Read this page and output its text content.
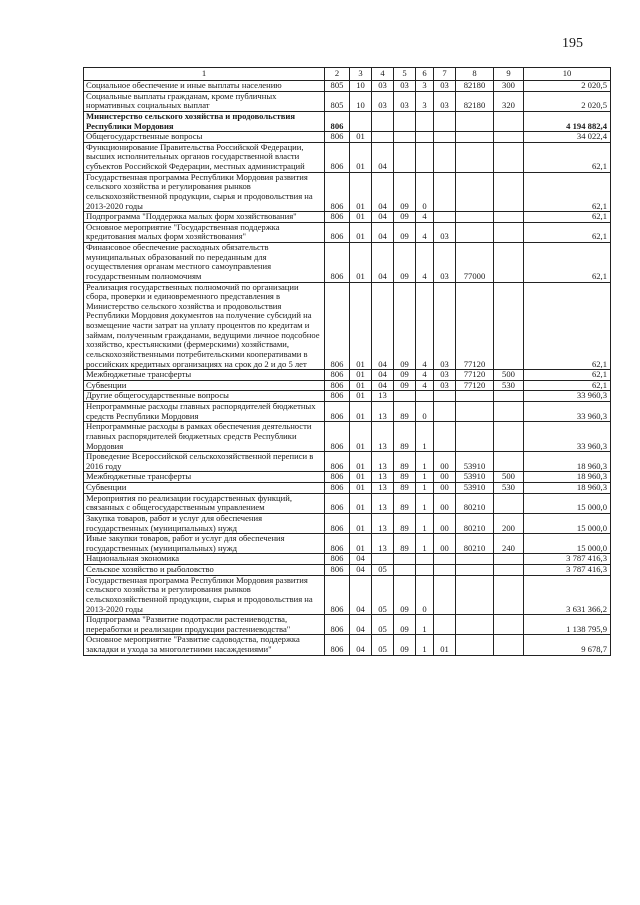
195
1	2	3	4	5	6	7	8	9	10
Социальное обеспечение и иные выплаты населению	805	10	03	03	3	03	82180	300	2 020,5
Социальные выплаты гражданам, кроме публичных нормативных социальных выплат	805	10	03	03	3	03	82180	320	2 020,5
Министерство сельского хозяйства и продовольствия Республики Мордовия	806								4 194 882,4
Общегосударственные вопросы	806	01							34 022,4
Функционирование Правительства Российской Федерации, высших исполнительных органов государственной власти субъектов Российской Федерации, местных администраций	806	01	04						62,1
Государственная программа Республики Мордовия развития сельского хозяйства и регулирования рынков сельскохозяйственной продукции, сырья и продовольствия на 2013-2020 годы	806	01	04	09	0				62,1
Подпрограмма "Поддержка малых форм хозяйствования"	806	01	04	09	4				62,1
Основное мероприятие "Государственная поддержка кредитования малых форм хозяйствования"	806	01	04	09	4	03			62,1
Финансовое обеспечение расходных обязательств муниципальных образований по переданным для осуществления органам местного самоуправления государственным полномочиям	806	01	04	09	4	03	77000		62,1
Реализация государственных полномочий по организации сбора, проверки и единовременного представления в Министерство сельского хозяйства и продовольствия Республики Мордовия документов на получение субсидий на возмещение части затрат на уплату процентов по кредитам и займам, полученным гражданами, ведущими личное подсобное хозяйство, крестьянскими (фермерскими) хозяйствами, сельскохозяйственными потребительскими кооперативами в российских кредитных организациях на срок до 2 и до 5 лет	806	01	04	09	4	03	77120		62,1
Межбюджетные трансферты	806	01	04	09	4	03	77120	500	62,1
Субвенции	806	01	04	09	4	03	77120	530	62,1
Другие общегосударственные вопросы	806	01	13						33 960,3
Непрограммные расходы главных распорядителей бюджетных средств Республики Мордовия	806	01	13	89	0				33 960,3
Непрограммные расходы в рамках обеспечения деятельности главных распорядителей бюджетных средств Республики Мордовия	806	01	13	89	1				33 960,3
Проведение Всероссийской сельскохозяйственной переписи в 2016 году	806	01	13	89	1	00	53910		18 960,3
Межбюджетные трансферты	806	01	13	89	1	00	53910	500	18 960,3
Субвенции	806	01	13	89	1	00	53910	530	18 960,3
Мероприятия по реализации государственных функций, связанных с общегосударственным управлением	806	01	13	89	1	00	80210		15 000,0
Закупка товаров, работ и услуг для обеспечения государственных (муниципальных) нужд	806	01	13	89	1	00	80210	200	15 000,0
Иные закупки товаров, работ и услуг для обеспечения государственных (муниципальных) нужд	806	01	13	89	1	00	80210	240	15 000,0
Национальная экономика	806	04							3 787 416,3
Сельское хозяйство и рыболовство	806	04	05						3 787 416,3
Государственная программа Республики Мордовия развития сельского хозяйства и регулирования рынков сельскохозяйственной продукции, сырья и продовольствия на 2013-2020 годы	806	04	05	09	0				3 631 366,2
Подпрограмма "Развитие подотрасли растениеводства, переработки и реализации продукции растениеводства"	806	04	05	09	1				1 138 795,9
Основное мероприятие "Развитие садоводства, поддержка закладки и ухода за многолетними насаждениями"	806	04	05	09	1	01			9 678,7
